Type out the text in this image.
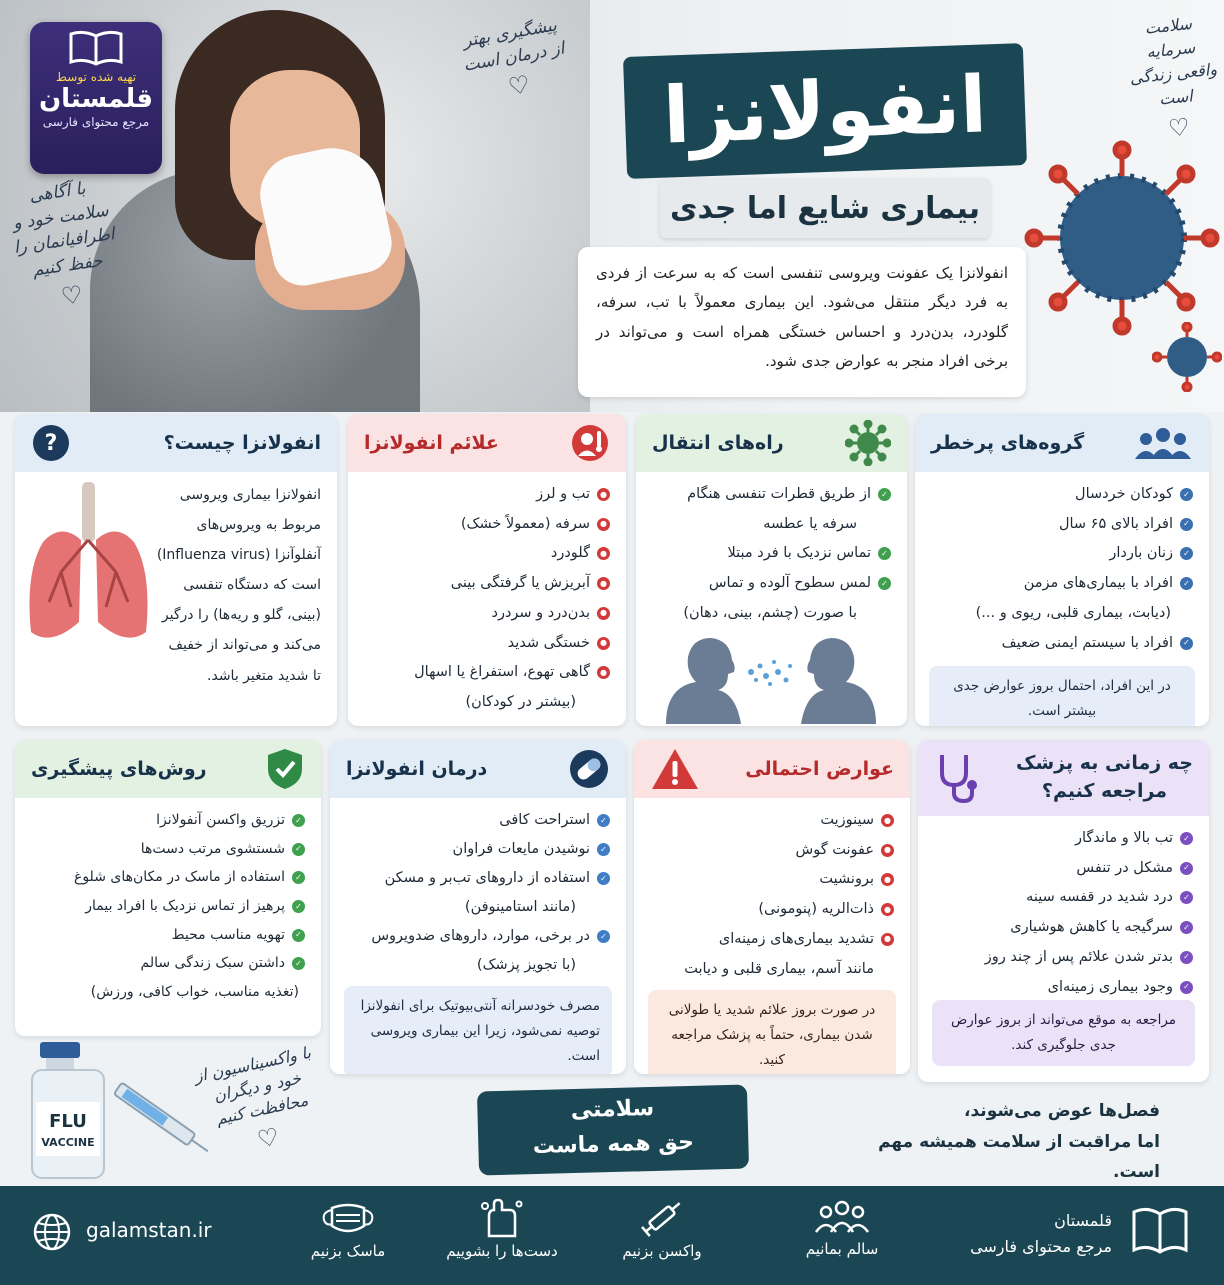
تهیه شده توسط
قلمستان
مرجع محتوای فارسی
با آگاهی سلامت خود و اطرافیانمان را حفظ کنیم
♡
پیشگیری بهتر از درمان است
♡
سلامت سرمایه واقعی زندگی است
♡
انفولانزا
بیماری شایع اما جدی
انفولانزا یک عفونت ویروسی تنفسی است که به سرعت از فردی به فرد دیگر منتقل می‌شود. این بیماری معمولاً با تب، سرفه، گلودرد، بدن‌درد و احساس خستگی همراه است و می‌تواند در برخی افراد منجر به عوارض جدی شود.
انفولانزا چیست؟
?
انفولانزا بیماری ویروسی
مربوط به ویروس‌های
آنفلوآنزا (Influenza virus)
است که دستگاه تنفسی
(بینی، گلو و ریه‌ها) را درگیر
می‌کند و می‌تواند از خفیف
تا شدید متغیر باشد.
علائم انفولانزا
●
تب و لرز
●
سرفه (معمولاً خشک)
●
گلودرد
●
آبریزش یا گرفتگی بینی
●
بدن‌درد و سردرد
●
خستگی شدید
●
گاهی تهوع، استفراغ یا اسهال
(بیشتر در کودکان)
راه‌های انتقال
✓
از طریق قطرات تنفسی هنگام
سرفه یا عطسه
✓
تماس نزدیک با فرد مبتلا
✓
لمس سطوح آلوده و تماس
با صورت (چشم، بینی، دهان)
گروه‌های پرخطر
✓
کودکان خردسال
✓
افراد بالای ۶۵ سال
✓
زنان باردار
✓
افراد با بیماری‌های مزمن
(دیابت، بیماری قلبی، ریوی و ...)
✓
افراد با سیستم ایمنی ضعیف
در این افراد، احتمال بروز عوارض جدی بیشتر است.
روش‌های پیشگیری
✓
تزریق واکسن آنفولانزا
✓
شستشوی مرتب دست‌ها
✓
استفاده از ماسک در مکان‌های شلوغ
✓
پرهیز از تماس نزدیک با افراد بیمار
✓
تهویه مناسب محیط
✓
داشتن سبک زندگی سالم
(تغذیه مناسب، خواب کافی، ورزش)
FLU
VACCINE
با واکسیناسیون از خود و دیگران محافظت کنیم
♡
درمان انفولانزا
✓
استراحت کافی
✓
نوشیدن مایعات فراوان
✓
استفاده از داروهای تب‌بر و مسکن
(مانند استامینوفن)
✓
در برخی، موارد، داروهای ضدویروس
(با تجویز پزشک)
مصرف خودسرانه آنتی‌بیوتیک برای انفولانزا توصیه نمی‌شود، زیرا این بیماری ویروسی است.
عوارض احتمالی
●
سینوزیت
●
عفونت گوش
●
برونشیت
●
ذات‌الریه (پنومونی)
●
تشدید بیماری‌های زمینه‌ای
مانند آسم، بیماری قلبی و دیابت
در صورت بروز علائم شدید یا طولانی شدن بیماری، حتماً به پزشک مراجعه کنید.
چه زمانی به پزشک
مراجعه کنیم؟
✓
تب بالا و ماندگار
✓
مشکل در تنفس
✓
درد شدید در قفسه سینه
✓
سرگیجه یا کاهش هوشیاری
✓
بدتر شدن علائم پس از چند روز
✓
وجود بیماری زمینه‌ای
مراجعه به موقع می‌تواند از بروز عوارض جدی جلوگیری کند.
سلامتی
حق همه ماست
فصل‌ها عوض می‌شوند،
اما مراقبت از سلامت همیشه مهم است.
قلمستان
مرجع محتوای فارسی
سالم بمانیم
واکسن بزنیم
دست‌ها را بشوییم
ماسک بزنیم
galamstan.ir
